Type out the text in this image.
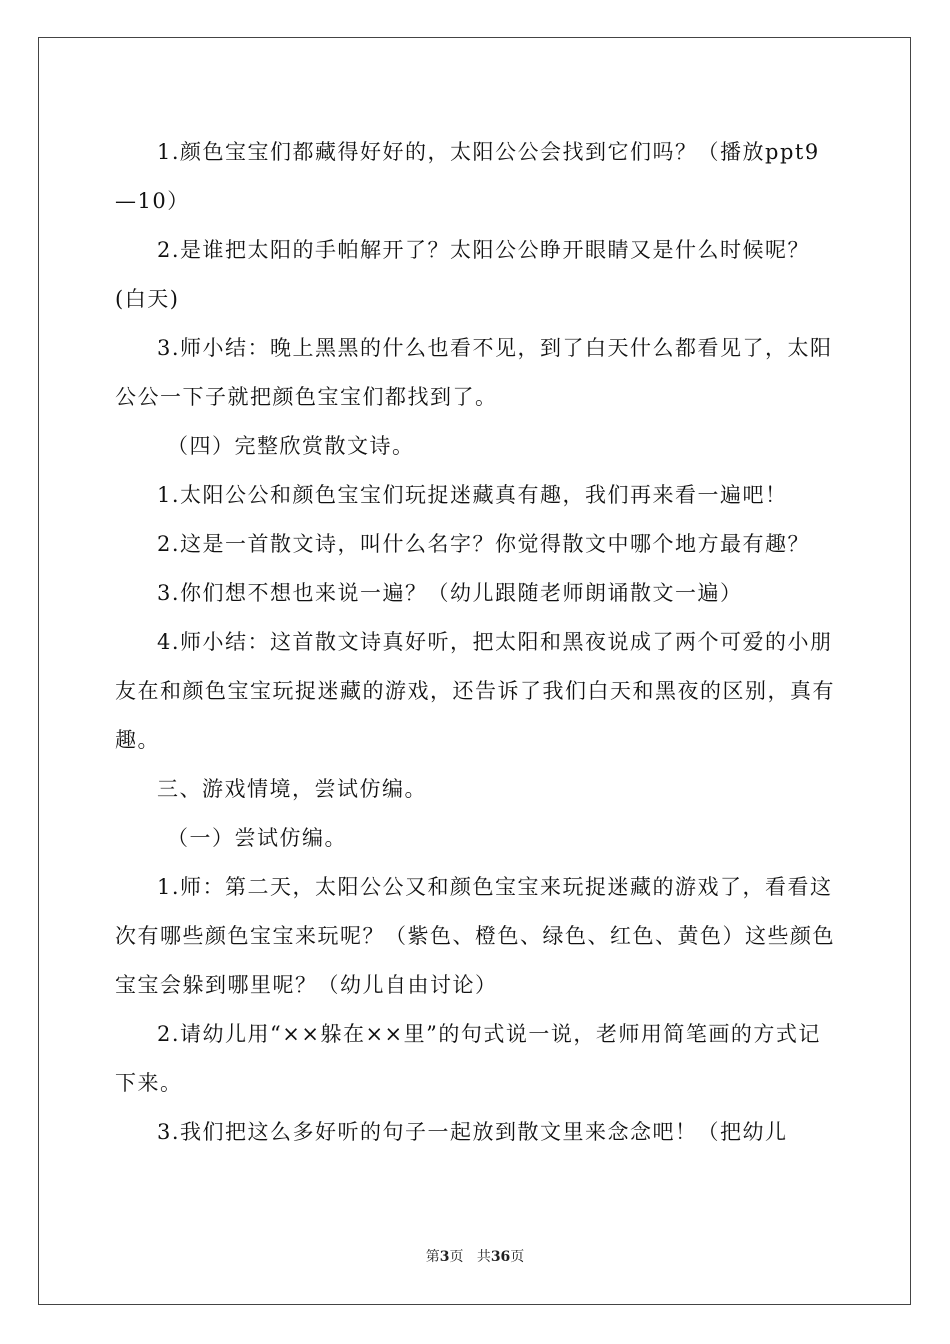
1.颜色宝宝们都藏得好好的，太阳公公会找到它们吗？（播放ppt9—10）

2.是谁把太阳的手帕解开了？太阳公公睁开眼睛又是什么时候呢？(白天)

3.师小结：晚上黑黑的什么也看不见，到了白天什么都看见了，太阳公公一下子就把颜色宝宝们都找到了。

（四）完整欣赏散文诗。

1.太阳公公和颜色宝宝们玩捉迷藏真有趣，我们再来看一遍吧！

2.这是一首散文诗，叫什么名字？你觉得散文中哪个地方最有趣？

3.你们想不想也来说一遍？（幼儿跟随老师朗诵散文一遍）

4.师小结：这首散文诗真好听，把太阳和黑夜说成了两个可爱的小朋友在和颜色宝宝玩捉迷藏的游戏，还告诉了我们白天和黑夜的区别，真有趣。

三、游戏情境，尝试仿编。

（一）尝试仿编。

1.师：第二天，太阳公公又和颜色宝宝来玩捉迷藏的游戏了，看看这次有哪些颜色宝宝来玩呢？（紫色、橙色、绿色、红色、黄色）这些颜色宝宝会躲到哪里呢？（幼儿自由讨论）

2.请幼儿用“××躲在××里”的句式说一说，老师用简笔画的方式记下来。

3.我们把这么多好听的句子一起放到散文里来念念吧！（把幼儿

第3页 共36页
